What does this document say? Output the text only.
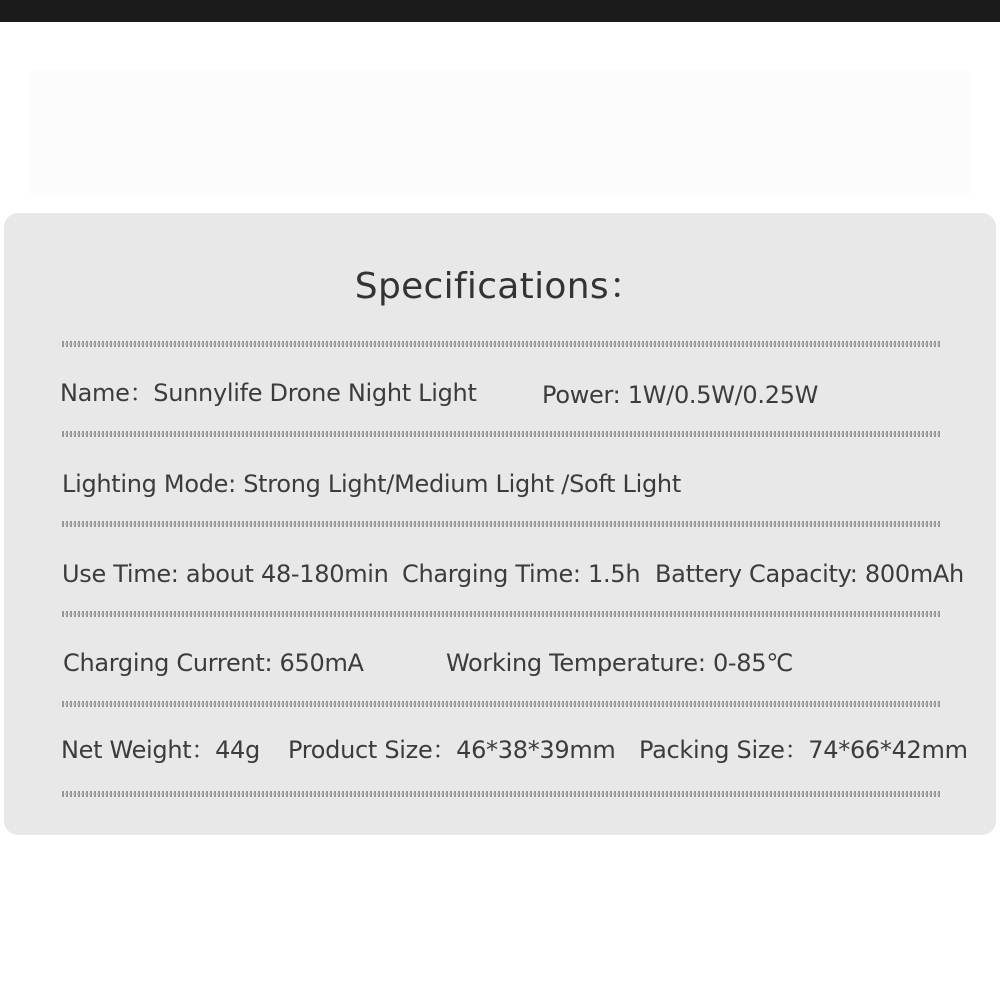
Specifications：
Name：Sunnylife Drone Night Light	Power: 1W/0.5W/0.25W
Lighting Mode: Strong Light/Medium Light /Soft Light
Use Time: about 48-180min Charging Time: 1.5h Battery Capacity: 800mAh
Charging Current: 650mA	Working Temperature: 0-85℃
Net Weight：44g Product Size：46*38*39mm Packing Size：74*66*42mm
